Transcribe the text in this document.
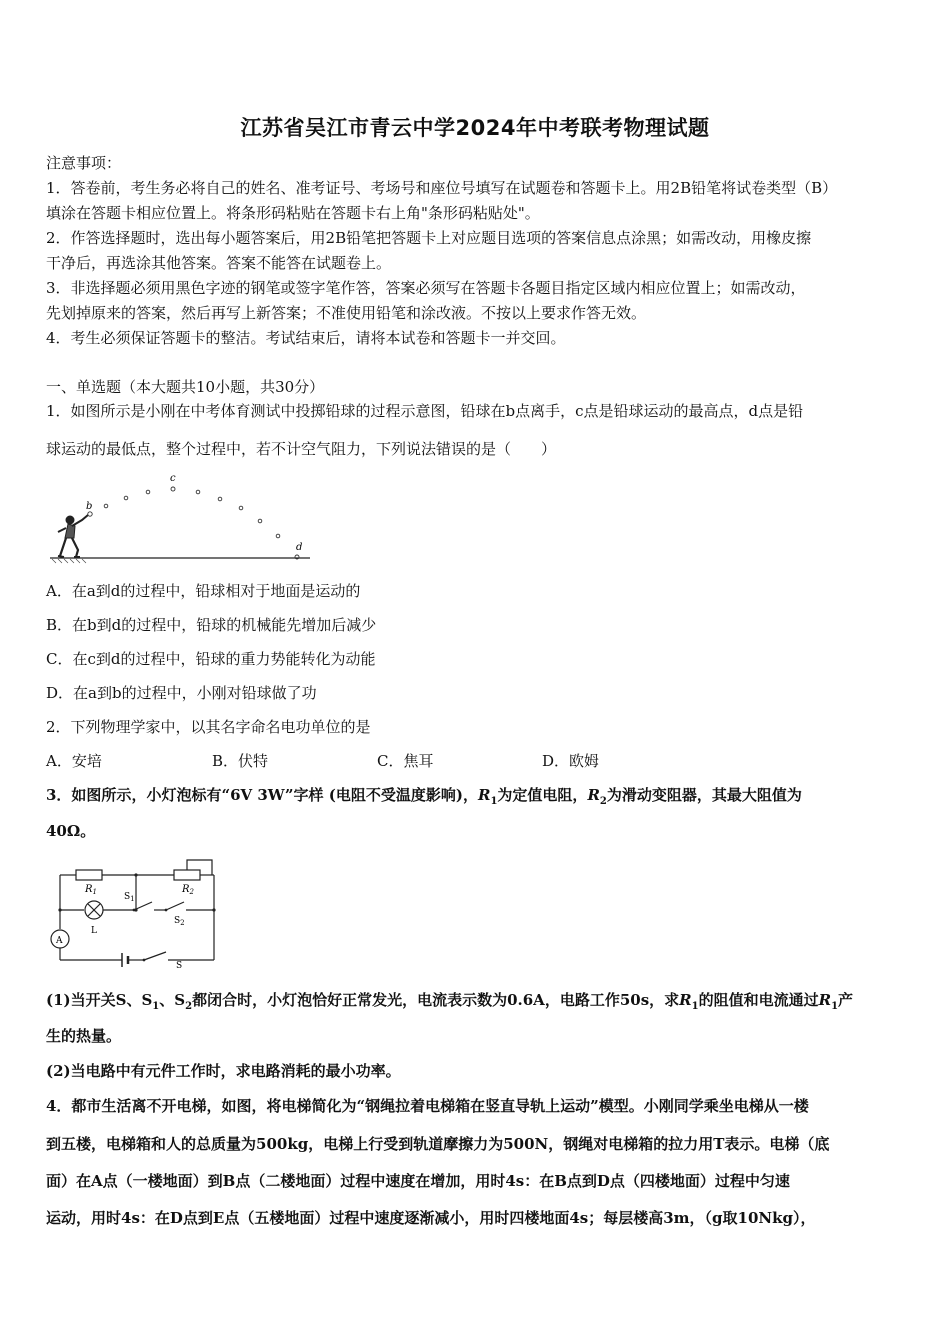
江苏省吴江市青云中学2024年中考联考物理试题
注意事项：
1．答卷前，考生务必将自己的姓名、准考证号、考场号和座位号填写在试题卷和答题卡上。用2B铅笔将试卷类型（B）
填涂在答题卡相应位置上。将条形码粘贴在答题卡右上角"条形码粘贴处"。
2．作答选择题时，选出每小题答案后，用2B铅笔把答题卡上对应题目选项的答案信息点涂黑；如需改动，用橡皮擦
干净后，再选涂其他答案。答案不能答在试题卷上。
3．非选择题必须用黑色字迹的钢笔或签字笔作答，答案必须写在答题卡各题目指定区域内相应位置上；如需改动，
先划掉原来的答案，然后再写上新答案；不准使用铅笔和涂改液。不按以上要求作答无效。
4．考生必须保证答题卡的整洁。考试结束后，请将本试卷和答题卡一并交回。
一、单选题（本大题共10小题，共30分）
1．如图所示是小刚在中考体育测试中投掷铅球的过程示意图，铅球在b点离手，c点是铅球运动的最高点，d点是铅
球运动的最低点，整个过程中，若不计空气阻力，下列说法错误的是（　　）
b
c
d
A．在a到d的过程中，铅球相对于地面是运动的
B．在b到d的过程中，铅球的机械能先增加后减少
C．在c到d的过程中，铅球的重力势能转化为动能
D．在a到b的过程中，小刚对铅球做了功
2．下列物理学家中，以其名字命名电功单位的是
A．安培	B．伏特	C．焦耳	D．欧姆
3．如图所示，小灯泡标有“6V 3W”字样 (电阻不受温度影响)，$R_1$为定值电阻，$R_2$为滑动变阻器，其最大阻值为
40Ω。
$R_1$	$R_2$
$S_1$
$S_2$
L
A
S
(1)当开关S、$S_1$、$S_2$都闭合时，小灯泡恰好正常发光，电流表示数为0.6A，电路工作50s，求$R_1$的阻值和电流通过$R_1$产
生的热量。
(2)当电路中有元件工作时，求电路消耗的最小功率。
4．都市生活离不开电梯，如图，将电梯简化为“钢绳拉着电梯箱在竖直导轨上运动”模型。小刚同学乘坐电梯从一楼
到五楼，电梯箱和人的总质量为500kg，电梯上行受到轨道摩擦力为500N，钢绳对电梯箱的拉力用T表示。电梯（底
面）在A点（一楼地面）到B点（二楼地面）过程中速度在增加，用时4s：在B点到D点（四楼地面）过程中匀速
运动，用时4s：在D点到E点（五楼地面）过程中速度逐渐减小，用时四楼地面4s；每层楼高3m，（g取10Nkg），
